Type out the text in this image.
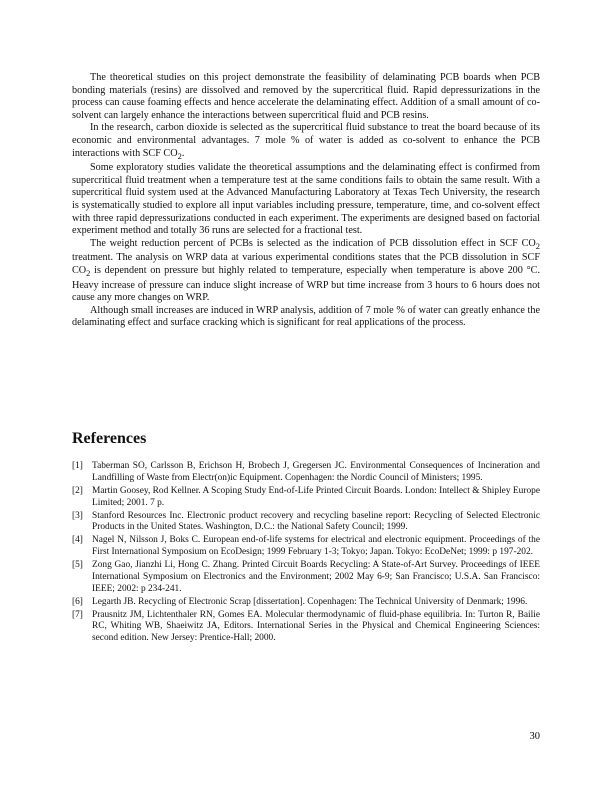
The theoretical studies on this project demonstrate the feasibility of delaminating PCB boards when PCB bonding materials (resins) are dissolved and removed by the supercritical fluid. Rapid depressurizations in the process can cause foaming effects and hence accelerate the delaminating effect. Addition of a small amount of co-solvent can largely enhance the interactions between supercritical fluid and PCB resins.

In the research, carbon dioxide is selected as the supercritical fluid substance to treat the board because of its economic and environmental advantages. 7 mole % of water is added as co-solvent to enhance the PCB interactions with SCF $CO_2$.

Some exploratory studies validate the theoretical assumptions and the delaminating effect is confirmed from supercritical fluid treatment when a temperature test at the same conditions fails to obtain the same result. With a supercritical fluid system used at the Advanced Manufacturing Laboratory at Texas Tech University, the research is systematically studied to explore all input variables including pressure, temperature, time, and co-solvent effect with three rapid depressurizations conducted in each experiment. The experiments are designed based on factorial experiment method and totally 36 runs are selected for a fractional test.

The weight reduction percent of PCBs is selected as the indication of PCB dissolution effect in SCF $CO_2$ treatment. The analysis on WRP data at various experimental conditions states that the PCB dissolution in SCF $CO_2$ is dependent on pressure but highly related to temperature, especially when temperature is above 200 °C. Heavy increase of pressure can induce slight increase of WRP but time increase from 3 hours to 6 hours does not cause any more changes on WRP.

Although small increases are induced in WRP analysis, addition of 7 mole % of water can greatly enhance the delaminating effect and surface cracking which is significant for real applications of the process.

References
[1] Taberman SO, Carlsson B, Erichson H, Brobech J, Gregersen JC. Environmental Consequences of Incineration and Landfilling of Waste from Electr(on)ic Equipment. Copenhagen: the Nordic Council of Ministers; 1995.
[2] Martin Goosey, Rod Kellner. A Scoping Study End-of-Life Printed Circuit Boards. London: Intellect & Shipley Europe Limited; 2001. 7 p.
[3] Stanford Resources Inc. Electronic product recovery and recycling baseline report: Recycling of Selected Electronic Products in the United States. Washington, D.C.: the National Safety Council; 1999.
[4] Nagel N, Nilsson J, Boks C. European end-of-life systems for electrical and electronic equipment. Proceedings of the First International Symposium on EcoDesign; 1999 February 1-3; Tokyo; Japan. Tokyo: EcoDeNet; 1999: p 197-202.
[5] Zong Gao, Jianzhi Li, Hong C. Zhang. Printed Circuit Boards Recycling: A State-of-Art Survey. Proceedings of IEEE International Symposium on Electronics and the Environment; 2002 May 6-9; San Francisco; U.S.A. San Francisco: IEEE; 2002: p 234-241.
[6] Legarth JB. Recycling of Electronic Scrap [dissertation]. Copenhagen: The Technical University of Denmark; 1996.
[7] Prausnitz JM, Lichtenthaler RN, Gomes EA. Molecular thermodynamic of fluid-phase equilibria. In: Turton R, Bailie RC, Whiting WB, Shaeiwitz JA, Editors. International Series in the Physical and Chemical Engineering Sciences: second edition. New Jersey: Prentice-Hall; 2000.
30
